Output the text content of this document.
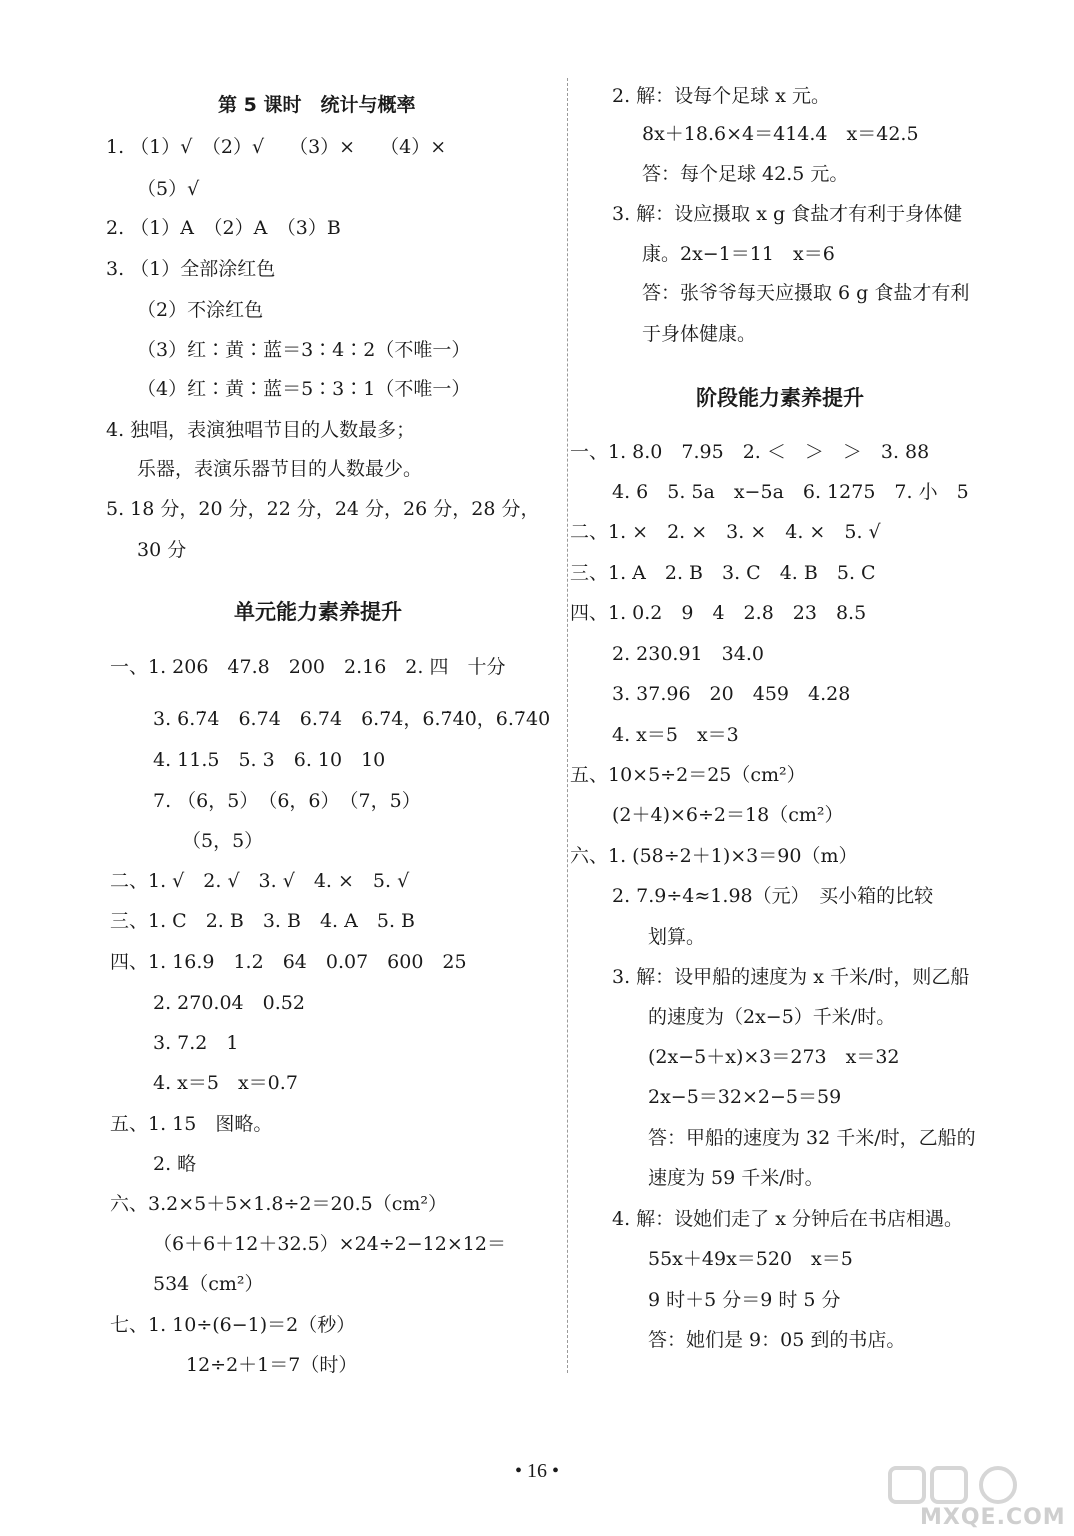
第 5 课时　统计与概率
1. （1）√　（2）√　 （3）×　 （4）×
（5）√
2. （1）A　（2）A　（3）B
3. （1）全部涂红色
（2）不涂红色
（3）红∶黄∶蓝＝3∶4∶2（不唯一）
（4）红∶黄∶蓝＝5∶3∶1（不唯一）
4. 独唱，表演独唱节目的人数最多；
乐器，表演乐器节目的人数最少。
5. 18 分，20 分，22 分，24 分，26 分，28 分，
30 分
单元能力素养提升
一、1. 206　47.8　200　2.16　2. 四　十分
3. 6.7̇4̇　6.74　6.74　6.7̇4̇，6.7̇4̇0̇，6.7̇40̇
4. 11.5　5. 3　6. 10　10
7. （6，5）　（6，6）　（7，5）
（5，5）
二、1. √　2. √　3. √　4. ×　5. √
三、1. C　2. B　3. B　4. A　5. B
四、1. 16.9　1.2　64　0.07　600　25
2. 270.04　0.52
3. 7.2　1
4. x＝5　x＝0.7
五、1. 15　图略。
2. 略
六、3.2×5＋5×1.8÷2＝20.5（cm²）
（6＋6＋12＋32.5）×24÷2−12×12＝
534（cm²）
七、1. 10÷(6−1)＝2（秒）
12÷2＋1＝7（时）
2. 解：设每个足球 x 元。
8x＋18.6×4＝414.4　x＝42.5
答：每个足球 42.5 元。
3. 解：设应摄取 x g 食盐才有利于身体健
康。2x−1＝11　x＝6
答：张爷爷每天应摄取 6 g 食盐才有利
于身体健康。
阶段能力素养提升
一、1. 8.0　7.95　2. ＜　＞　＞　3. 88
4. 6　5. 5a　x−5a　6. 1275　7. 小　5
二、1. ×　2. ×　3. ×　4. ×　5. √
三、1. A　2. B　3. C　4. B　5. C
四、1. 0.2　9　4　2.8　23　8.5
2. 230.91　34.0
3. 37.96　20　459　4.28
4. x＝5　x＝3
五、10×5÷2＝25（cm²）
(2＋4)×6÷2＝18（cm²）
六、1. (58÷2＋1)×3＝90（m）
2. 7.9÷4≈1.98（元）　买小箱的比较
划算。
3. 解：设甲船的速度为 x 千米/时，则乙船
的速度为（2x−5）千米/时。
(2x−5＋x)×3＝273　x＝32
2x−5＝32×2−5＝59
答：甲船的速度为 32 千米/时，乙船的
速度为 59 千米/时。
4. 解：设她们走了 x 分钟后在书店相遇。
55x＋49x＝520　x＝5
9 时＋5 分＝9 时 5 分
答：她们是 9：05 到的书店。
• 16 •
MXQE.COM
